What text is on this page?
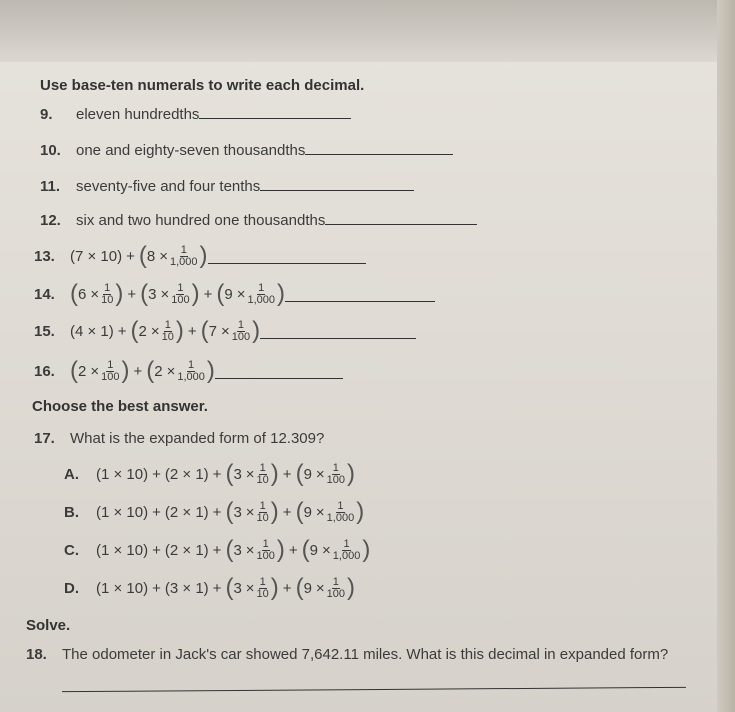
Use base-ten numerals to write each decimal.
9.	eleven hundredths
10.	one and eighty-seven thousandths
11.	seventy-five and four tenths
12.	six and two hundred one thousandths
13.	(7 × 10) + ( $8 \times \frac{1}{1,000}$ )
14. ( $6 \times \frac{1}{10}$ ) + ( $3 \times \frac{1}{100}$ ) + ( $9 \times \frac{1}{1,000}$ )
15.	(4 × 1) + ( $2 \times \frac{1}{10}$ ) + ( $7 \times \frac{1}{100}$ )
16. ( $2 \times \frac{1}{100}$ ) + ( $2 \times \frac{1}{1,000}$ )
Choose the best answer.
17.	What is the expanded form of 12.309?
A.	(1 × 10) + (2 × 1) + ( $3 \times \frac{1}{10}$ ) + ( $9 \times \frac{1}{100}$ )
B.	(1 × 10) + (2 × 1) + ( $3 \times \frac{1}{10}$ ) + ( $9 \times \frac{1}{1,000}$ )
C.	(1 × 10) + (2 × 1) + ( $3 \times \frac{1}{100}$ ) + ( $9 \times \frac{1}{1,000}$ )
D.	(1 × 10) + (3 × 1) + ( $3 \times \frac{1}{10}$ ) + ( $9 \times \frac{1}{100}$ )
Solve.
18.	The odometer in Jack's car showed 7,642.11 miles. What is this decimal in expanded form?
